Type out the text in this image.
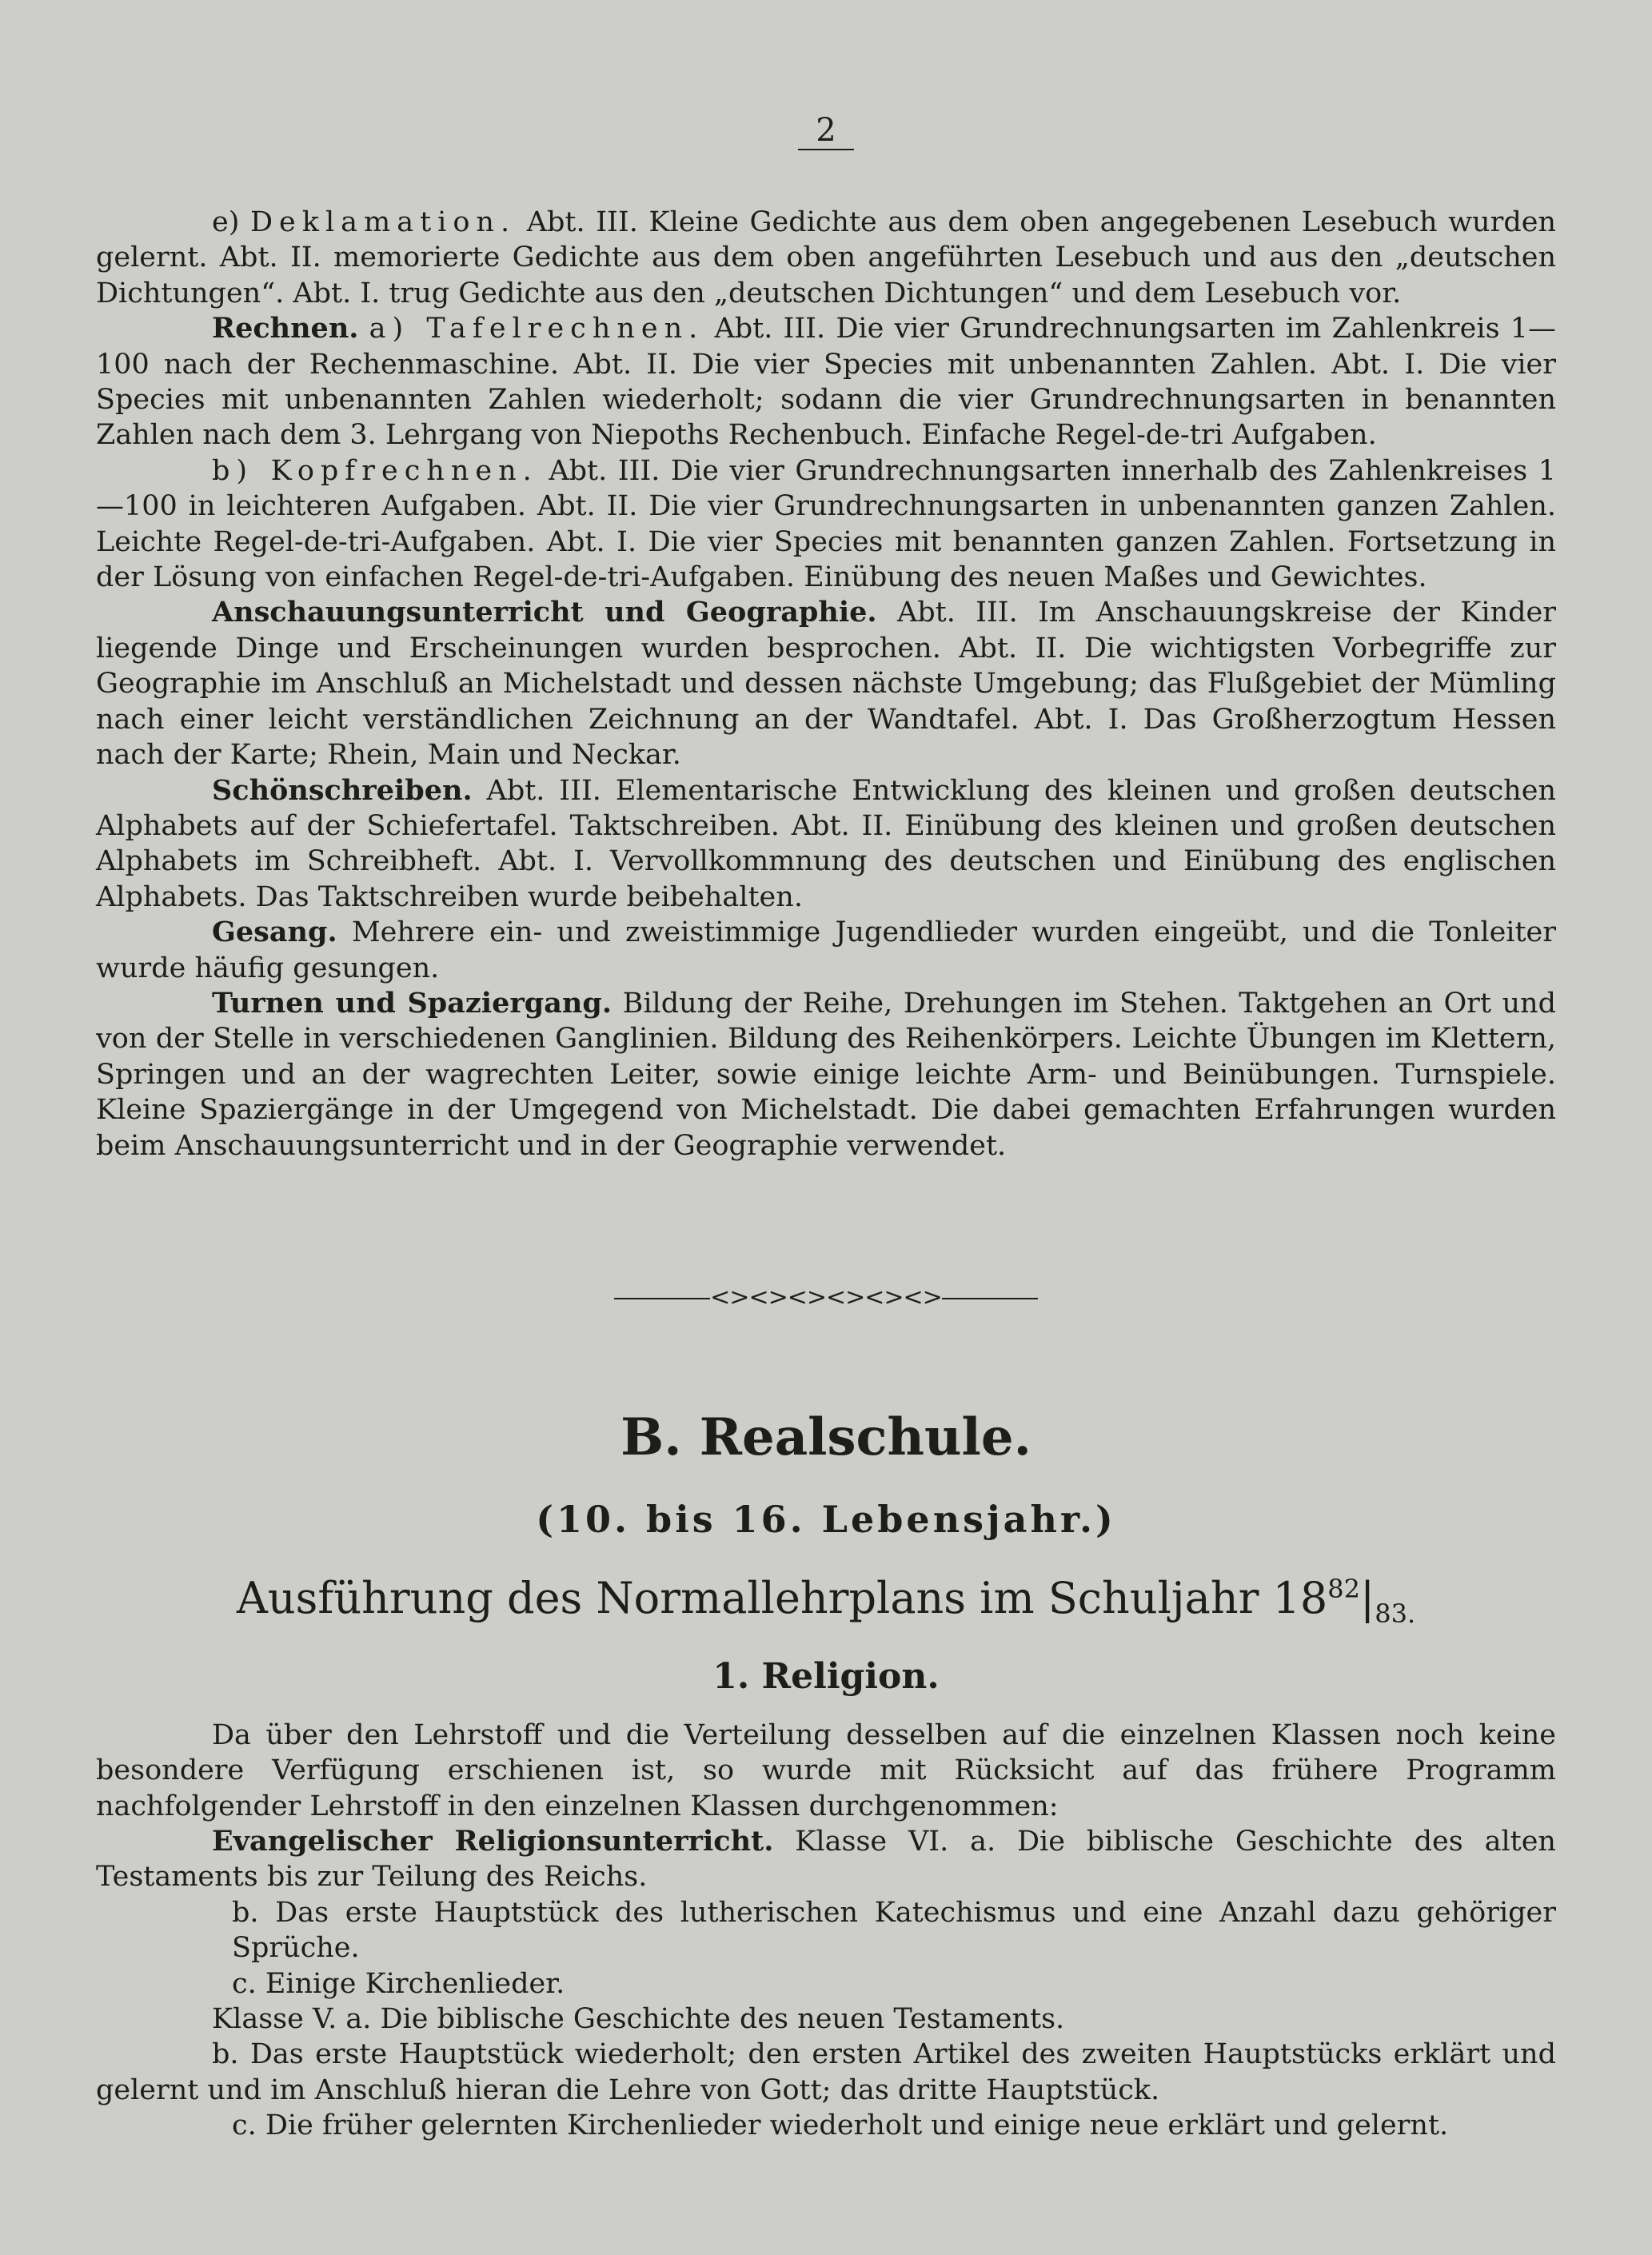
2

e) Deklamation. Abt. III. Kleine Gedichte aus dem oben angegebenen Lesebuch wurden gelernt. Abt. II. memorierte Gedichte aus dem oben angeführten Lesebuch und aus den „deutschen Dichtungen“. Abt. I. trug Gedichte aus den „deutschen Dichtungen“ und dem Lesebuch vor.

Rechnen. a) Tafelrechnen. Abt. III. Die vier Grundrechnungsarten im Zahlenkreis 1—100 nach der Rechenmaschine. Abt. II. Die vier Species mit unbenannten Zahlen. Abt. I. Die vier Species mit unbenannten Zahlen wiederholt; sodann die vier Grundrechnungsarten in benannten Zahlen nach dem 3. Lehrgang von Niepoths Rechenbuch. Einfache Regel-de-tri Aufgaben.

b) Kopfrechnen. Abt. III. Die vier Grundrechnungsarten innerhalb des Zahlenkreises 1—100 in leichteren Aufgaben. Abt. II. Die vier Grundrechnungsarten in unbenannten ganzen Zahlen. Leichte Regel-de-tri-Aufgaben. Abt. I. Die vier Species mit benannten ganzen Zahlen. Fortsetzung in der Lösung von einfachen Regel-de-tri-Aufgaben. Einübung des neuen Maßes und Gewichtes.

Anschauungsunterricht und Geographie. Abt. III. Im Anschauungskreise der Kinder liegende Dinge und Erscheinungen wurden besprochen. Abt. II. Die wichtigsten Vorbegriffe zur Geographie im Anschluß an Michelstadt und dessen nächste Umgebung; das Flußgebiet der Mümling nach einer leicht verständlichen Zeichnung an der Wandtafel. Abt. I. Das Großherzogtum Hessen nach der Karte; Rhein, Main und Neckar.

Schönschreiben. Abt. III. Elementarische Entwicklung des kleinen und großen deutschen Alphabets auf der Schiefertafel. Taktschreiben. Abt. II. Einübung des kleinen und großen deutschen Alphabets im Schreibheft. Abt. I. Vervollkommnung des deutschen und Einübung des englischen Alphabets. Das Taktschreiben wurde beibehalten.

Gesang. Mehrere ein- und zweistimmige Jugendlieder wurden eingeübt, und die Tonleiter wurde häufig gesungen.

Turnen und Spaziergang. Bildung der Reihe, Drehungen im Stehen. Taktgehen an Ort und von der Stelle in verschiedenen Ganglinien. Bildung des Reihenkörpers. Leichte Übungen im Klettern, Springen und an der wagrechten Leiter, sowie einige leichte Arm- und Beinübungen. Turnspiele. Kleine Spaziergänge in der Umgegend von Michelstadt. Die dabei gemachten Erfahrungen wurden beim Anschauungsunterricht und in der Geographie verwendet.

<><><><><><>
B. Realschule.
(10. bis 16. Lebensjahr.)
Ausführung des Normallehrplans im Schuljahr $18^{82}|_{83.}$
1. Religion.

Da über den Lehrstoff und die Verteilung desselben auf die einzelnen Klassen noch keine besondere Verfügung erschienen ist, so wurde mit Rücksicht auf das frühere Programm nachfolgender Lehrstoff in den einzelnen Klassen durchgenommen:

Evangelischer Religionsunterricht. Klasse VI. a. Die biblische Geschichte des alten Testaments bis zur Teilung des Reichs.

b. Das erste Hauptstück des lutherischen Katechismus und eine Anzahl dazu gehöriger Sprüche.

c. Einige Kirchenlieder.

Klasse V. a. Die biblische Geschichte des neuen Testaments.

b. Das erste Hauptstück wiederholt; den ersten Artikel des zweiten Hauptstücks erklärt und gelernt und im Anschluß hieran die Lehre von Gott; das dritte Hauptstück.

c. Die früher gelernten Kirchenlieder wiederholt und einige neue erklärt und gelernt.
